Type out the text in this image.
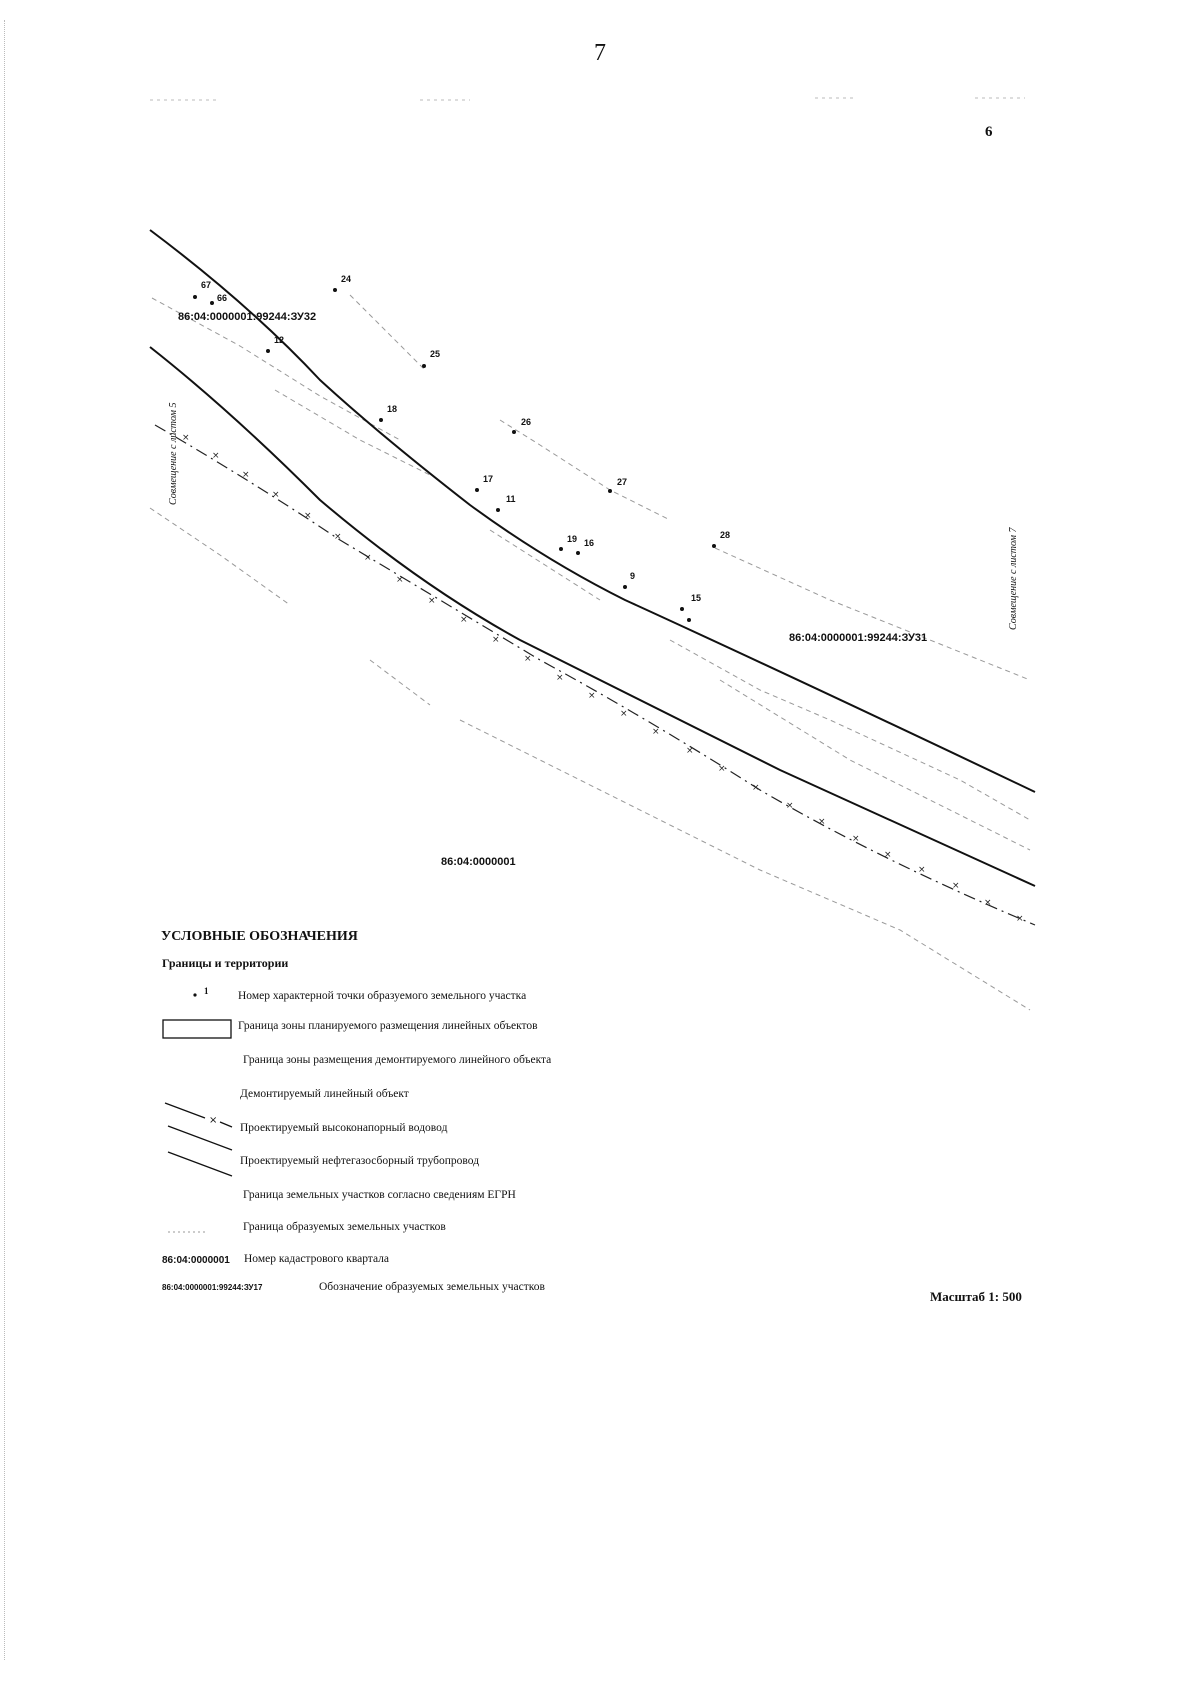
7
6
×
×
×
×
×
×
×
×
×
×
×
×
×
×
×
×
×
×
×
×
×
×
×
×
×
×
×
67
66
24
12
25
18
26
17
11
27
19 16
28
9
15
86:04:0000001:99244:ЗУ32
86:04:0000001:99244:ЗУ31
86:04:0000001
Совмещение с листом 5
Совмещение с листом 7
УСЛОВНЫЕ ОБОЗНАЧЕНИЯ
Границы и территории
×
1	Номер характерной точки образуемого земельного участка
Граница зоны планируемого размещения линейных объектов
Граница зоны размещения демонтируемого линейного объекта
Демонтируемый линейный объект
Проектируемый высоконапорный водовод
Проектируемый нефтегазосборный трубопровод
Граница земельных участков согласно сведениям ЕГРН
Граница образуемых земельных участков
86:04:0000001 Номер кадастрового квартала
86:04:0000001:99244:ЗУ17	Обозначение образуемых земельных участков
Масштаб 1: 500
